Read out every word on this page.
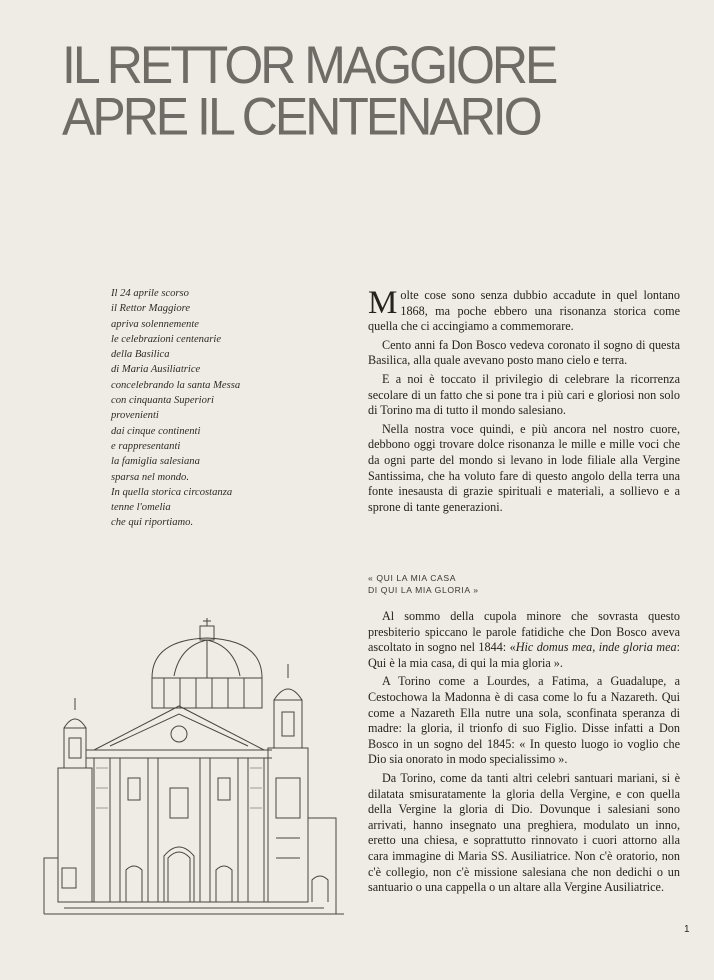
IL RETTOR MAGGIORE
APRE IL CENTENARIO
Il 24 aprile scorso
il Rettor Maggiore
apriva solennemente
le celebrazioni centenarie
della Basilica
di Maria Ausiliatrice
concelebrando la santa Messa
con cinquanta Superiori
provenienti
dai cinque continenti
e rappresentanti
la famiglia salesiana
sparsa nel mondo.
In quella storica circostanza
tenne l'omelia
che qui riportiamo.

Molte cose sono senza dubbio accadute in quel lontano 1868, ma poche ebbero una risonanza storica come quella che ci accingiamo a commemorare.

Cento anni fa Don Bosco vedeva coronato il sogno di questa Basilica, alla quale avevano posto mano cielo e terra.

E a noi è toccato il privilegio di celebrare la ricorrenza secolare di un fatto che si pone tra i più cari e gloriosi non solo di Torino ma di tutto il mondo salesiano.

Nella nostra voce quindi, e più ancora nel nostro cuore, debbono oggi trovare dolce risonanza le mille e mille voci che da ogni parte del mondo si levano in lode filiale alla Vergine Santissima, che ha voluto fare di questo angolo della terra una fonte inesausta di grazie spirituali e materiali, a sollievo e a sprone di tante generazioni.

« QUI LA MIA CASA
DI QUI LA MIA GLORIA »

Al sommo della cupola minore che sovrasta questo presbiterio spiccano le parole fatidiche che Don Bosco aveva ascoltato in sogno nel 1844: «Hic domus mea, inde gloria mea: Qui è la mia casa, di qui la mia gloria ».

A Torino come a Lourdes, a Fatima, a Guadalupe, a Cestochowa la Madonna è di casa come lo fu a Nazareth. Qui come a Nazareth Ella nutre una sola, sconfinata speranza di madre: la gloria, il trionfo di suo Figlio. Disse infatti a Don Bosco in un sogno del 1845: « In questo luogo io voglio che Dio sia onorato in modo specialissimo ».

Da Torino, come da tanti altri celebri santuari mariani, si è dilatata smisuratamente la gloria della Vergine, e con quella della Vergine la gloria di Dio. Dovunque i salesiani sono arrivati, hanno insegnato una preghiera, modulato un inno, eretto una chiesa, e soprattutto rinnovato i cuori attorno alla cara immagine di Maria SS. Ausiliatrice. Non c'è oratorio, non c'è collegio, non c'è missione salesiana che non dedichi o un santuario o una cappella o un altare alla Vergine Ausiliatrice.

1
